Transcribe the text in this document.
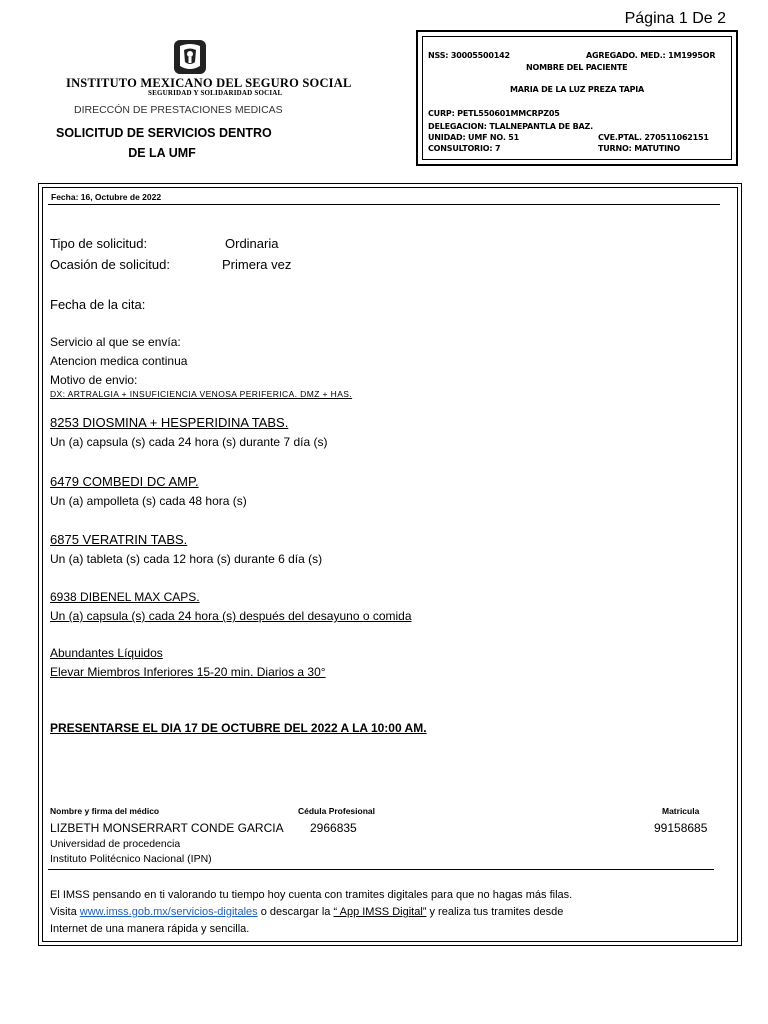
Página 1 De 2
INSTITUTO MEXICANO DEL SEGURO SOCIAL
SEGURIDAD Y SOLIDARIDAD SOCIAL
DIRECCÓN DE PRESTACIONES MEDICAS
SOLICITUD DE SERVICIOS DENTRO
DE LA UMF
NSS: 30005500142	AGREGADO. MED.: 1M1995OR
NOMBRE DEL PACIENTE
MARIA DE LA LUZ PREZA TAPIA
CURP: PETL550601MMCRPZ05
DELEGACION: TLALNEPANTLA DE BAZ.
UNIDAD: UMF NO. 51	CVE.PTAL. 270511062151
CONSULTORIO: 7	TURNO: MATUTINO
Fecha: 16, Octubre de 2022
Tipo de solicitud:	Ordinaria
Ocasión de solicitud:	Primera vez
Fecha de la cita:
Servicio al que se envía:
Atencion medica continua
Motivo de envio:
DX: ARTRALGIA + INSUFICIENCIA VENOSA PERIFERICA. DMZ + HAS.
8253 DIOSMINA + HESPERIDINA TABS.
Un (a) capsula (s) cada 24 hora (s) durante 7 día (s)
6479 COMBEDI DC AMP.
Un (a) ampolleta (s) cada 48 hora (s)
6875 VERATRIN TABS.
Un (a) tableta (s) cada 12 hora (s) durante 6 día (s)
6938 DIBENEL MAX CAPS.
Un (a) capsula (s) cada 24 hora (s) después del desayuno o comida
Abundantes Líquidos
Elevar Miembros Inferiores 15-20 min. Diarios a 30°
PRESENTARSE EL DIA 17 DE OCTUBRE DEL 2022 A LA 10:00 AM.
Nombre y firma del médico	Cédula Profesional	Matricula
LIZBETH MONSERRART CONDE GARCIA 2966835	99158685
Universidad de procedencia
Instituto Politécnico Nacional (IPN)
El IMSS pensando en ti valorando tu tiempo hoy cuenta con tramites digitales para que no hagas más filas.
Visita www.imss.gob.mx/servicios-digitales o descargar la “ App IMSS Digital” y realiza tus tramites desde
Internet de una manera rápida y sencilla.
